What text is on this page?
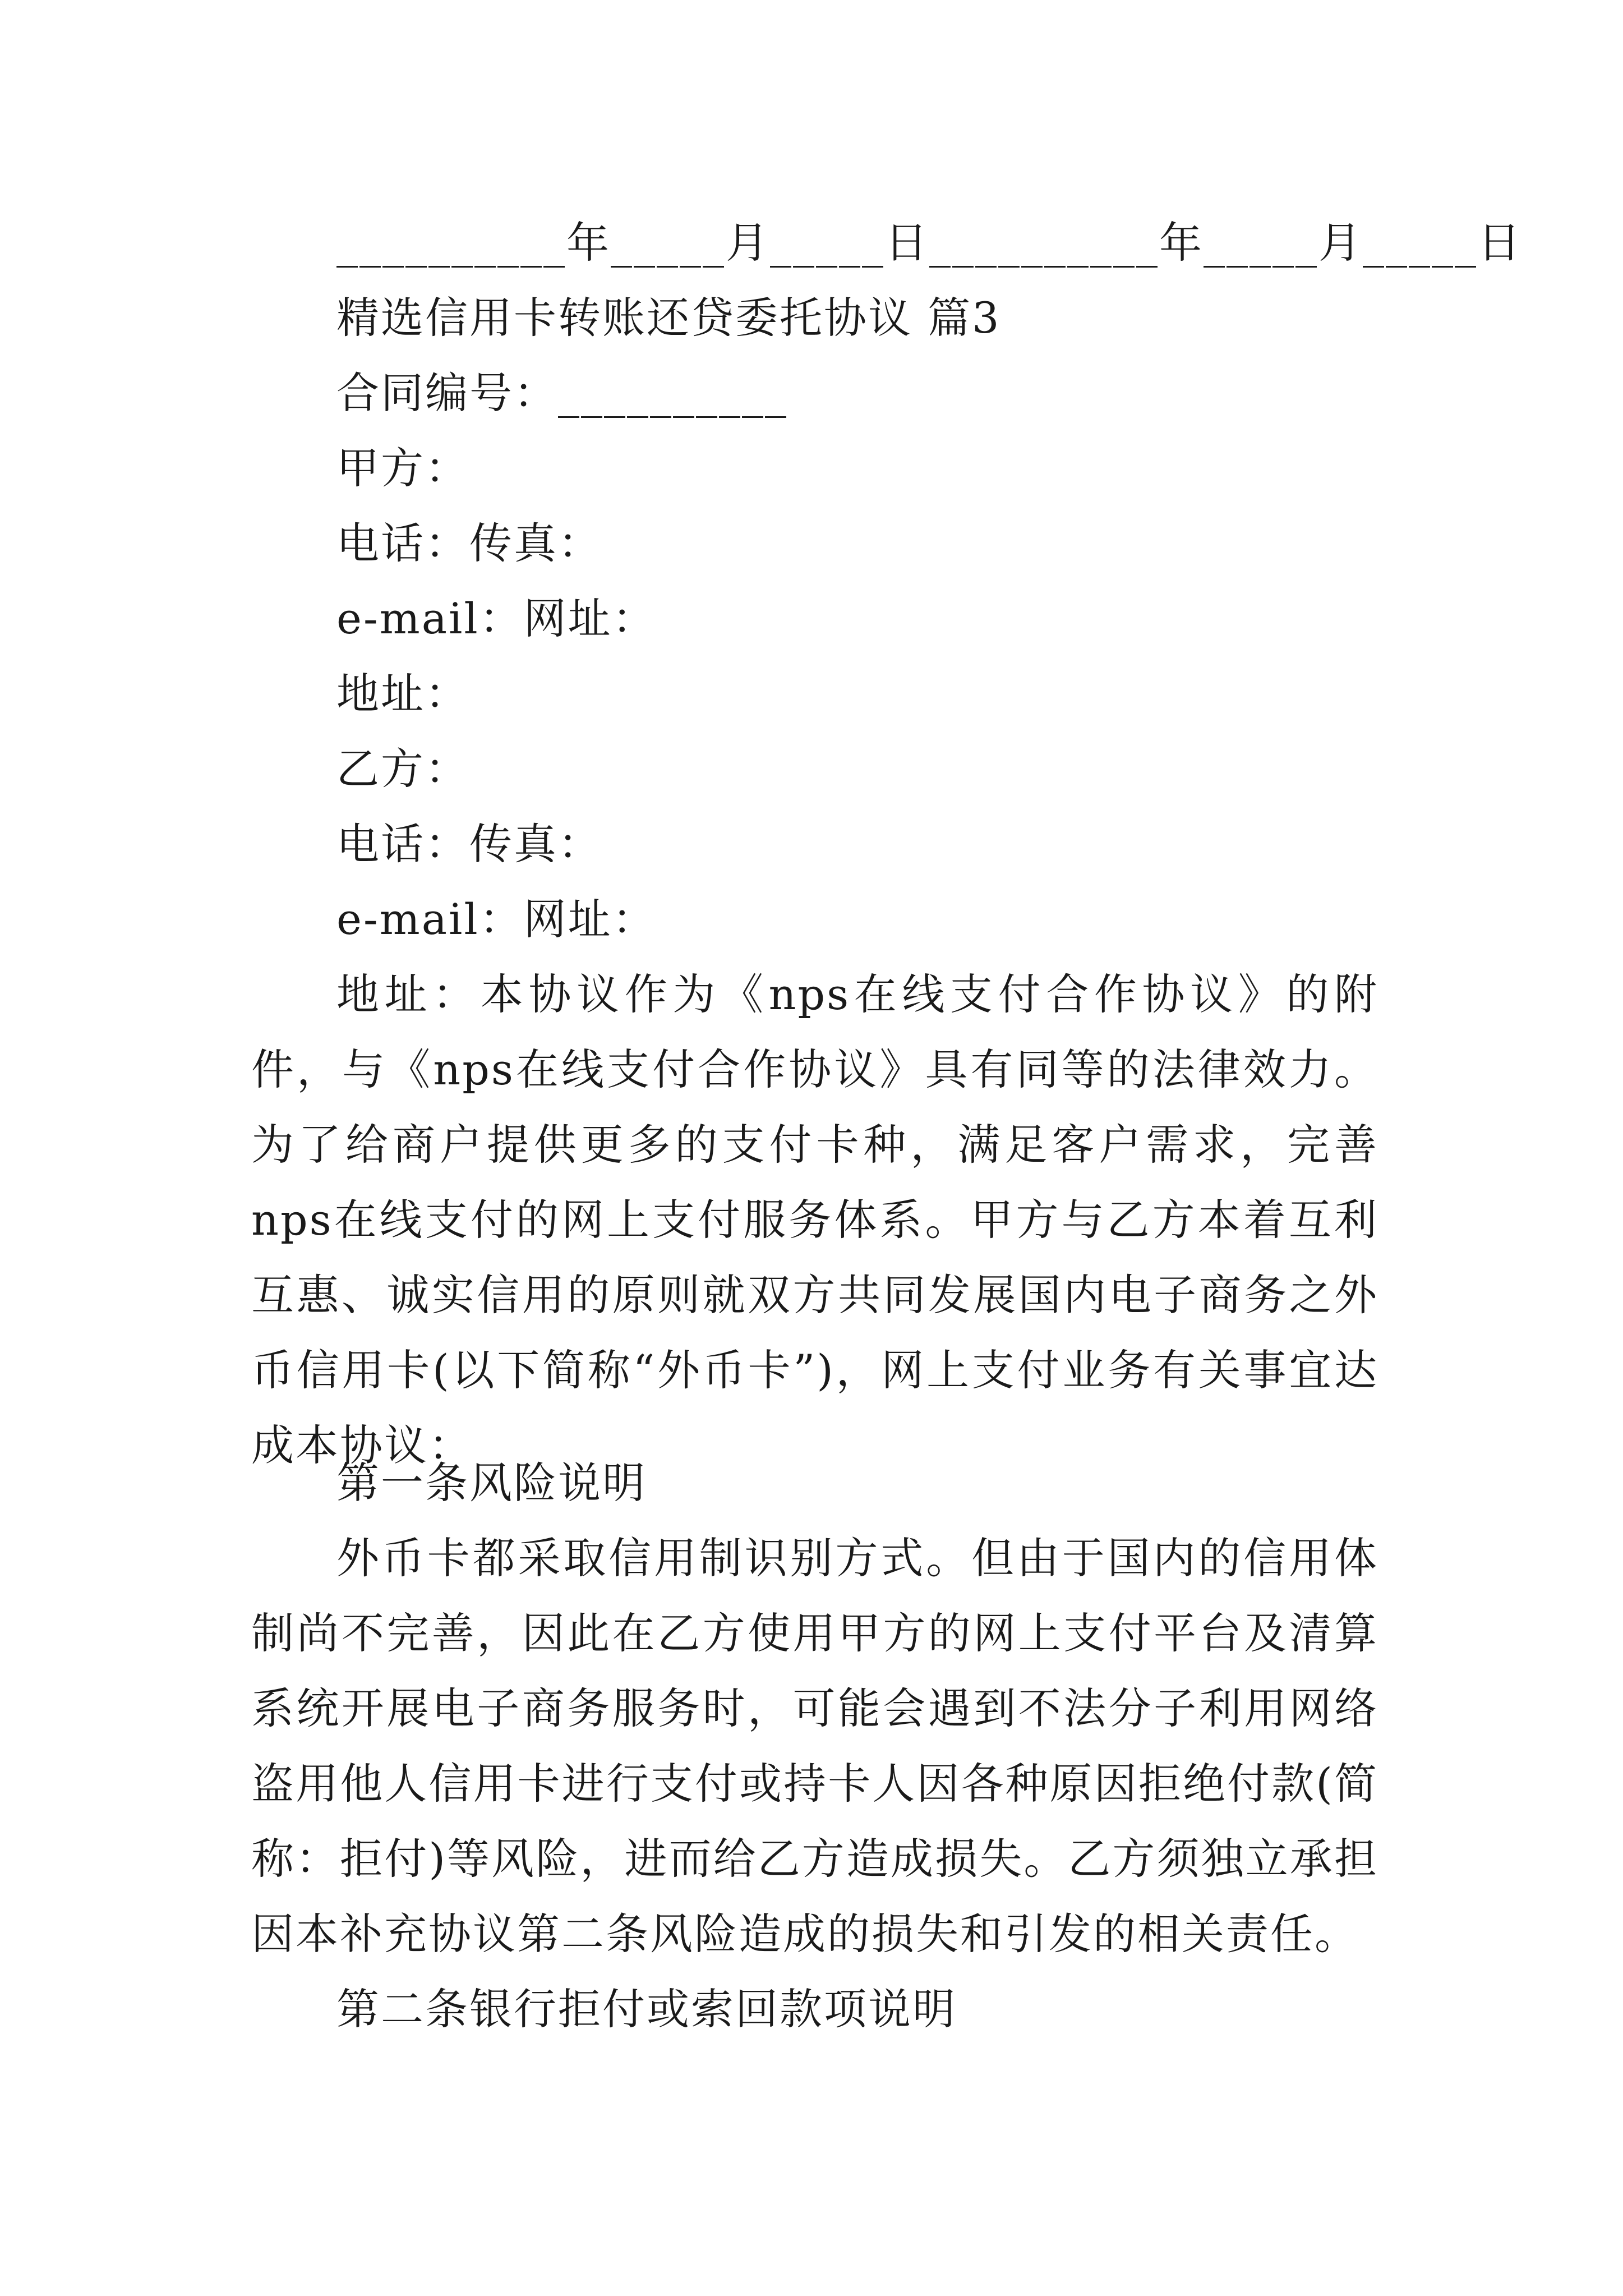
__________年_____月_____日__________年_____月_____日
精选信用卡转账还贷委托协议 篇3
合同编号：__________
甲方：
电话：传真：
e-mail：网址：
地址：
乙方：
电话：传真：
e-mail：网址：
地址：本协议作为《nps在线支付合作协议》的附件，与《nps在线支付合作协议》具有同等的法律效力。为了给商户提供更多的支付卡种，满足客户需求，完善nps在线支付的网上支付服务体系。甲方与乙方本着互利互惠、诚实信用的原则就双方共同发展国内电子商务之外币信用卡(以下简称“外币卡”)，网上支付业务有关事宜达成本协议：
第一条风险说明
外币卡都采取信用制识别方式。但由于国内的信用体制尚不完善，因此在乙方使用甲方的网上支付平台及清算系统开展电子商务服务时，可能会遇到不法分子利用网络盗用他人信用卡进行支付或持卡人因各种原因拒绝付款(简称：拒付)等风险，进而给乙方造成损失。乙方须独立承担因本补充协议第二条风险造成的损失和引发的相关责任。
第二条银行拒付或索回款项说明
